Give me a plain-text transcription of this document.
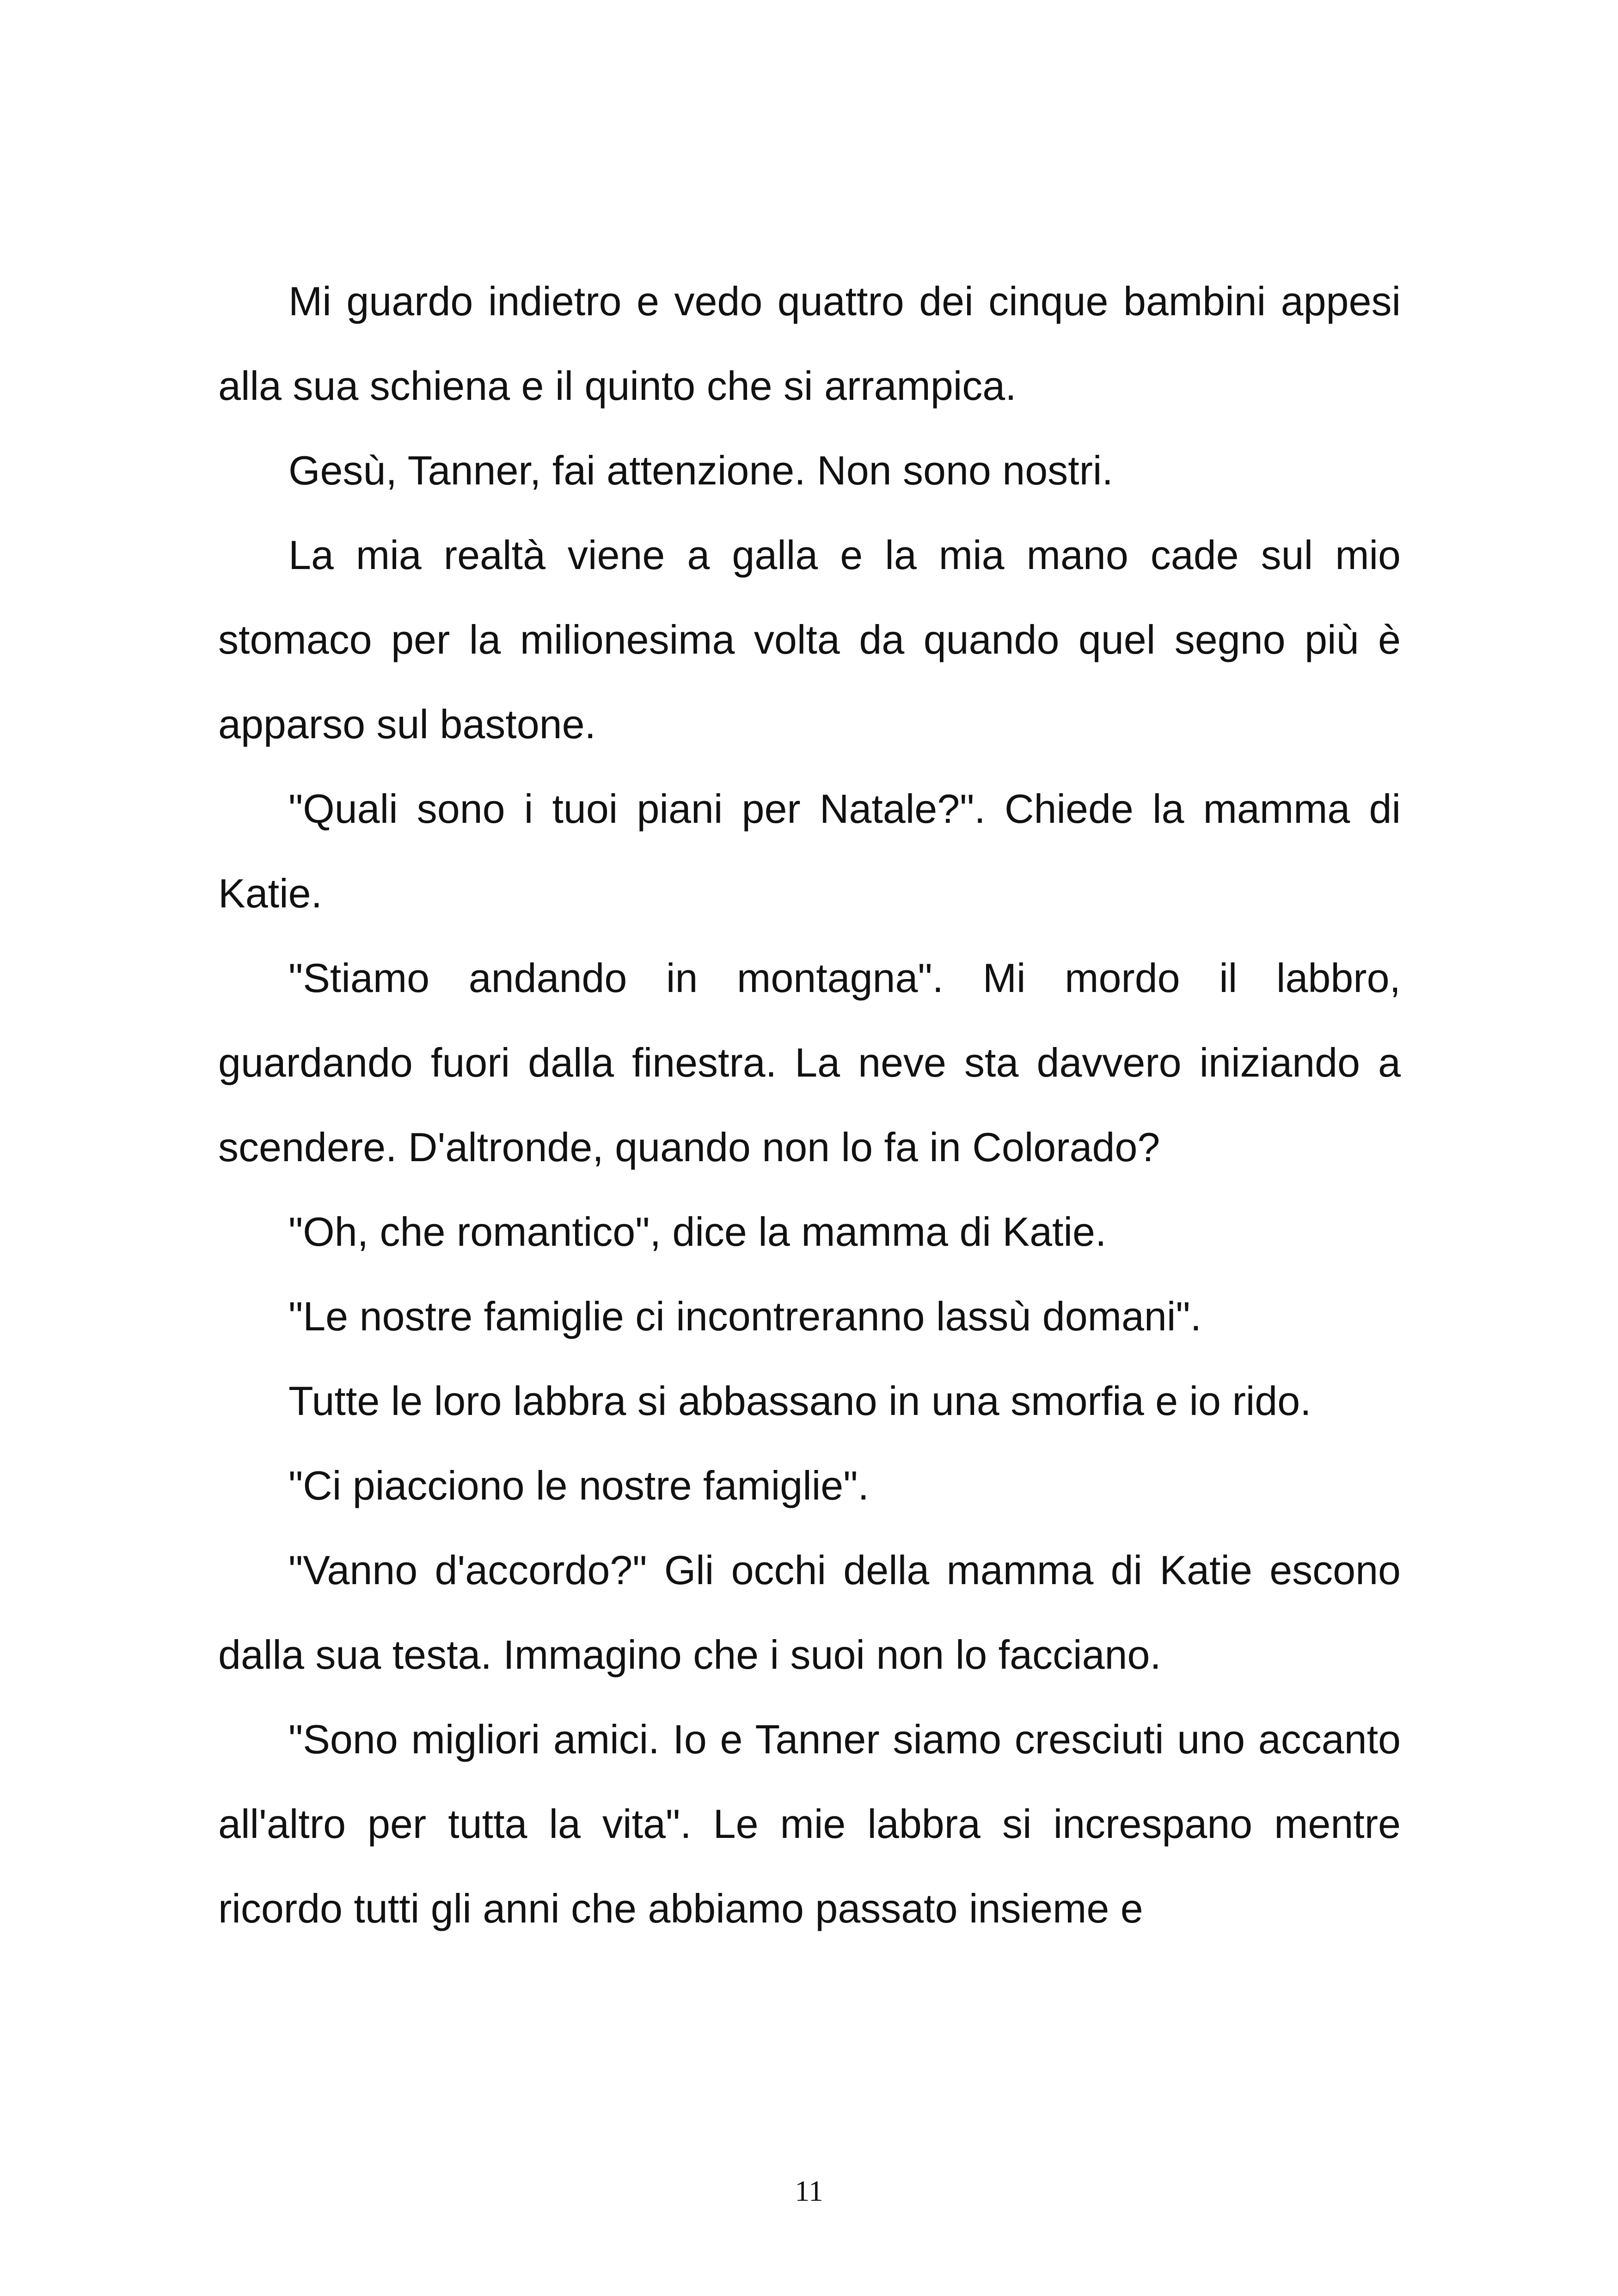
Mi guardo indietro e vedo quattro dei cinque bambini appesi alla sua schiena e il quinto che si arrampica.

Gesù, Tanner, fai attenzione. Non sono nostri.

La mia realtà viene a galla e la mia mano cade sul mio stomaco per la milionesima volta da quando quel segno più è apparso sul bastone.

"Quali sono i tuoi piani per Natale?". Chiede la mamma di Katie.

"Stiamo andando in montagna". Mi mordo il labbro, guardando fuori dalla finestra. La neve sta davvero iniziando a scendere. D'altronde, quando non lo fa in Colorado?

"Oh, che romantico", dice la mamma di Katie.

"Le nostre famiglie ci incontreranno lassù domani".

Tutte le loro labbra si abbassano in una smorfia e io rido.

"Ci piacciono le nostre famiglie".

"Vanno d'accordo?" Gli occhi della mamma di Katie escono dalla sua testa. Immagino che i suoi non lo facciano.

"Sono migliori amici. Io e Tanner siamo cresciuti uno accanto all'altro per tutta la vita". Le mie labbra si increspano mentre ricordo tutti gli anni che abbiamo passato insieme e

11
